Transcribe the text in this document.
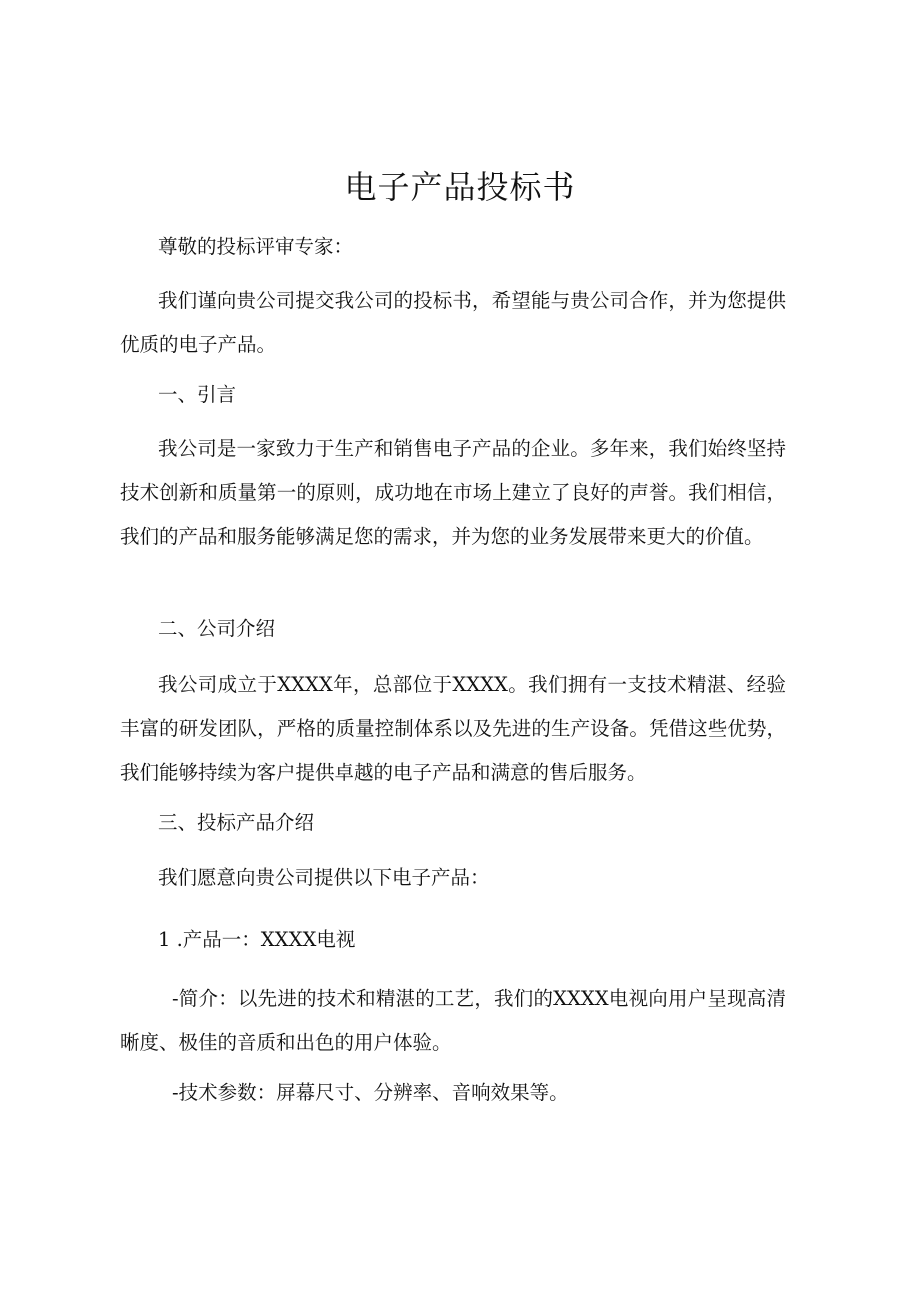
电子产品投标书

尊敬的投标评审专家：

我们谨向贵公司提交我公司的投标书，希望能与贵公司合作，并为您提供优质的电子产品。

一、引言

我公司是一家致力于生产和销售电子产品的企业。多年来，我们始终坚持技术创新和质量第一的原则，成功地在市场上建立了良好的声誉。我们相信，我们的产品和服务能够满足您的需求，并为您的业务发展带来更大的价值。

二、公司介绍

我公司成立于XXXX年，总部位于XXXX。我们拥有一支技术精湛、经验丰富的研发团队，严格的质量控制体系以及先进的生产设备。凭借这些优势，我们能够持续为客户提供卓越的电子产品和满意的售后服务。

三、投标产品介绍

我们愿意向贵公司提供以下电子产品：

1 .产品一：XXXX电视

-简介：以先进的技术和精湛的工艺，我们的XXXX电视向用户呈现高清晰度、极佳的音质和出色的用户体验。

-技术参数：屏幕尺寸、分辨率、音响效果等。
